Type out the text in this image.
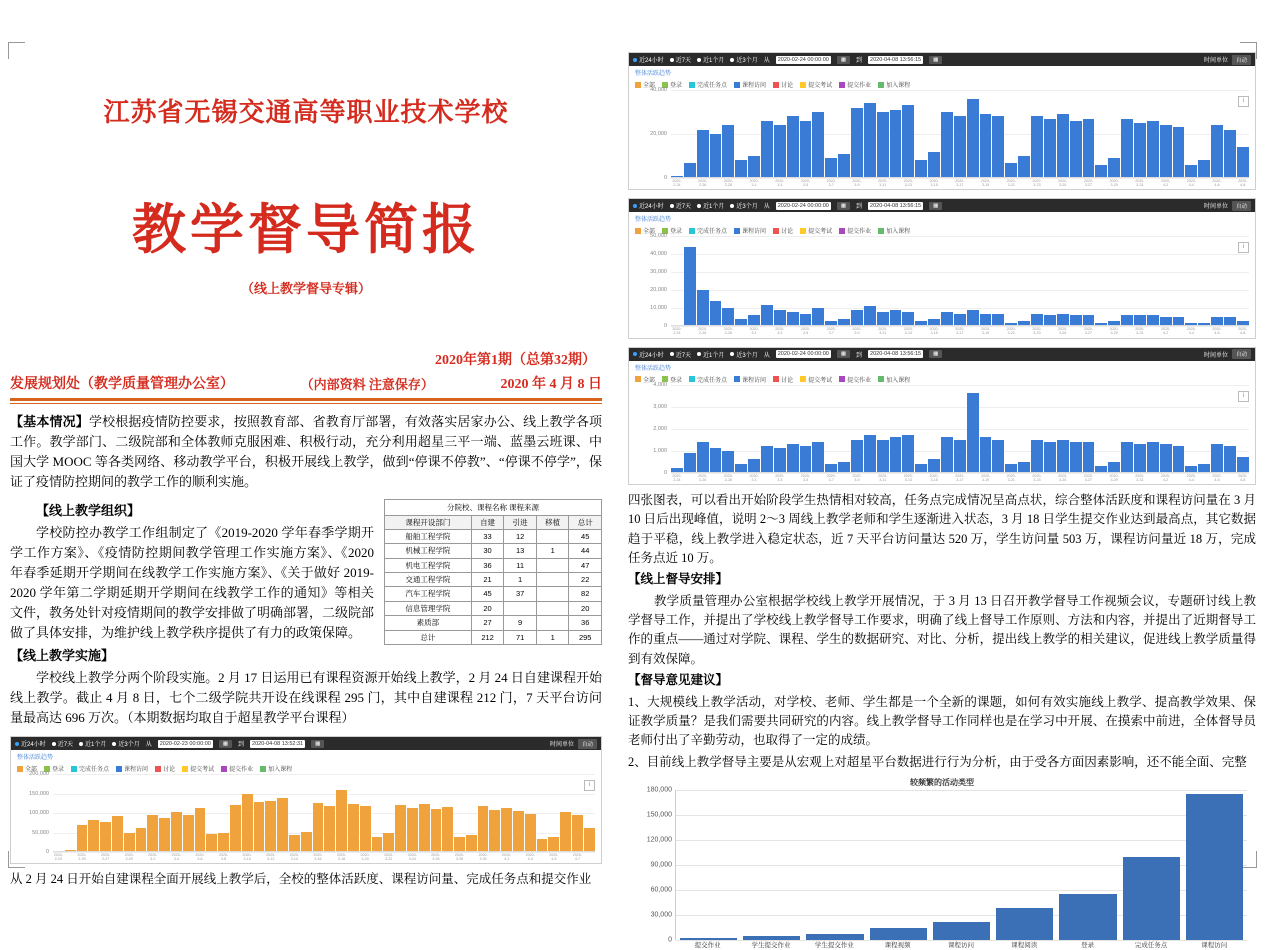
江苏省无锡交通高等职业技术学校
教学督导简报
（线上教学督导专辑）
2020年第1期（总第32期）
发展规划处（教学质量管理办公室）	（内部资料 注意保存）	2020 年 4 月 8 日

【基本情况】学校根据疫情防控要求，按照教育部、省教育厅部署，有效落实居家办公、线上教学各项工作。教学部门、二级院部和全体教师克服困难、积极行动，充分利用超星三平一端、蓝墨云班课、中国大学 MOOC 等各类网络、移动教学平台，积极开展线上教学，做到“停课不停教”、“停课不停学”，保证了疫情防控期间的教学工作的顺利实施。

分院校、课程名称 课程来源
课程开设部门	自建	引进	移植	总计
船舶工程学院	33	12		45
机械工程学院	30	13	1	44
机电工程学院	36	11		47
交通工程学院	21	1		22
汽车工程学院	45	37		82
信息管理学院	20			20
素质部	27	9		36
总计	212	71	1	295

【线上教学组织】

学校防控办教学工作组制定了《2019-2020 学年春季学期开学工作方案》、《疫情防控期间教学管理工作实施方案》、《2020 年春季延期开学期间在线教学工作实施方案》、《关于做好 2019-2020 学年第二学期延期开学期间在线教学工作的通知》等相关文件，教务处针对疫情期间的教学安排做了明确部署，二级院部做了具体安排，为维护线上教学秩序提供了有力的政策保障。

【线上教学实施】

学校线上教学分两个阶段实施。2 月 17 日运用已有课程资源开始线上教学，2 月 24 日自建课程开始线上教学。截止 4 月 8 日，七个二级学院共开设在线课程 295 门，其中自建课程 212 门，7 天平台访问量最高达 696 万次。（本期数据均取自于超星教学平台课程）

近24小时	近7天	近1个月	近3个月 从	2020-02-23 00:00:00	▦	到	2020-04-08 13:52:31	▦	时间单位	自动
整体活跃趋势
全部	登录	完成任务点	课程访问	讨论	提交考试	提交作业	加入课程
i
0
50,000
100,000
150,000
200,000
2020-2-23
2020-2-25
2020-2-27
2020-2-29
2020-3-2
2020-3-4
2020-3-6
2020-3-8
2020-3-10
2020-3-12
2020-3-14
2020-3-16
2020-3-18
2020-3-20
2020-3-22
2020-3-24
2020-3-26
2020-3-28
2020-3-30
2020-4-1
2020-4-3
2020-4-5
2020-4-7
从 2 月 24 日开始自建课程全面开展线上教学后，全校的整体活跃度、课程访问量、完成任务点和提交作业
近24小时	近7天	近1个月	近3个月 从	2020-02-24 00:00:00	▦	到	2020-04-08 13:56:15	▦	时间单位	自动
整体活跃趋势
全部	登录	完成任务点	课程访问	讨论	提交考试	提交作业	加入课程
i
0
20,000
40,000
2020-2-24
2020-2-26
2020-2-28
2020-3-1
2020-3-3
2020-3-5
2020-3-7
2020-3-9
2020-3-11
2020-3-13
2020-3-15
2020-3-17
2020-3-19
2020-3-21
2020-3-23
2020-3-25
2020-3-27
2020-3-29
2020-3-31
2020-4-2
2020-4-4
2020-4-6
2020-4-8
近24小时	近7天	近1个月	近3个月 从	2020-02-24 00:00:00	▦	到	2020-04-08 13:56:15	▦	时间单位	自动
整体活跃趋势
全部	登录	完成任务点	课程访问	讨论	提交考试	提交作业	加入课程
i
0
10,000
20,000
30,000
40,000
50,000
2020-2-24
2020-2-26
2020-2-28
2020-3-1
2020-3-3
2020-3-5
2020-3-7
2020-3-9
2020-3-11
2020-3-13
2020-3-15
2020-3-17
2020-3-19
2020-3-21
2020-3-23
2020-3-25
2020-3-27
2020-3-29
2020-3-31
2020-4-2
2020-4-4
2020-4-6
2020-4-8
近24小时	近7天	近1个月	近3个月 从	2020-02-24 00:00:00	▦	到	2020-04-08 13:56:15	▦	时间单位	自动
整体活跃趋势
全部	登录	完成任务点	课程访问	讨论	提交考试	提交作业	加入课程
i
0
1,000
2,000
3,000
4,000
2020-2-24
2020-2-26
2020-2-28
2020-3-1
2020-3-3
2020-3-5
2020-3-7
2020-3-9
2020-3-11
2020-3-13
2020-3-15
2020-3-17
2020-3-19
2020-3-21
2020-3-23
2020-3-25
2020-3-27
2020-3-29
2020-3-31
2020-4-2
2020-4-4
2020-4-6
2020-4-8

四张图表，可以看出开始阶段学生热情相对较高，任务点完成情况呈高点状，综合整体活跃度和课程访问量在 3 月 10 日后出现峰值，说明 2～3 周线上教学老师和学生逐渐进入状态，3 月 18 日学生提交作业达到最高点，其它数据趋于平稳，线上教学进入稳定状态，近 7 天平台访问量达 520 万，学生访问量 503 万，课程访问量近 18 万，完成任务点近 10 万。

【线上督导安排】

教学质量管理办公室根据学校线上教学开展情况，于 3 月 13 日召开教学督导工作视频会议，专题研讨线上教学督导工作，并提出了学校线上教学督导工作要求，明确了线上督导工作原则、方法和内容，并提出了近期督导工作的重点——通过对学院、课程、学生的数据研究、对比、分析，提出线上教学的相关建议，促进线上教学质量得到有效保障。

【督导意见建议】

1、大规模线上教学活动，对学校、老师、学生都是一个全新的课题，如何有效实施线上教学、提高教学效果、保证教学质量？是我们需要共同研究的内容。线上教学督导工作同样也是在学习中开展、在摸索中前进，全体督导员老师付出了辛勤劳动，也取得了一定的成绩。

2、目前线上教学督导主要是从宏观上对超星平台数据进行行为分析，由于受各方面因素影响，还不能全面、完整

较频繁的活动类型
0
30,000
60,000
90,000
120,000
150,000
180,000
提交作业	学生提交作业	学生提交作业	课程视频	课程访问	课程阅读	登录	完成任务点	课程访问
